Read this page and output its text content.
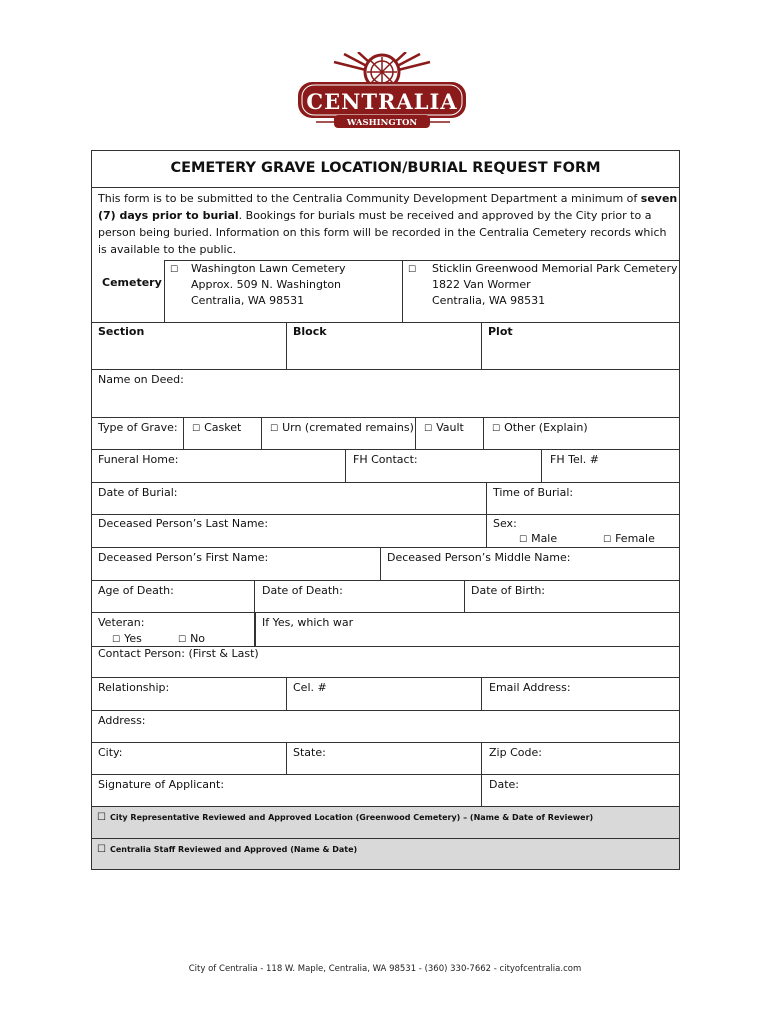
CENTRALIA
WASHINGTON
CEMETERY GRAVE LOCATION/BURIAL REQUEST FORM
This form is to be submitted to the Centralia Community Development Department a minimum of seven (7) days prior to burial. Bookings for burials must be received and approved by the City prior to a person being buried. Information on this form will be recorded in the Centralia Cemetery records which is available to the public.
Cemetery
☐	Washington Lawn Cemetery
Approx. 509 N. Washington
Centralia, WA 98531
☐	Sticklin Greenwood Memorial Park Cemetery
1822 Van Wormer
Centralia, WA 98531
Section	Block	Plot
Name on Deed:
Type of Grave: ☐ Casket	☐ Urn (cremated remains) ☐ Vault	☐ Other (Explain)
Funeral Home:	FH Contact:	FH Tel. #
Date of Burial:	Time of Burial:
Deceased Person’s Last Name:	Sex:
☐ Male	☐ Female
Deceased Person’s First Name:	Deceased Person’s Middle Name:
Age of Death:	Date of Death:	Date of Birth:
Veteran:
☐ Yes	☐ No
If Yes, which war
Contact Person: (First & Last)
Relationship:	Cel. #	Email Address:
Address:
City:	State:	Zip Code:
Signature of Applicant:	Date:
☐ City Representative Reviewed and Approved Location (Greenwood Cemetery) – (Name & Date of Reviewer)
☐ Centralia Staff Reviewed and Approved (Name & Date)
City of Centralia - 118 W. Maple, Centralia, WA 98531 - (360) 330-7662 - cityofcentralia.com
